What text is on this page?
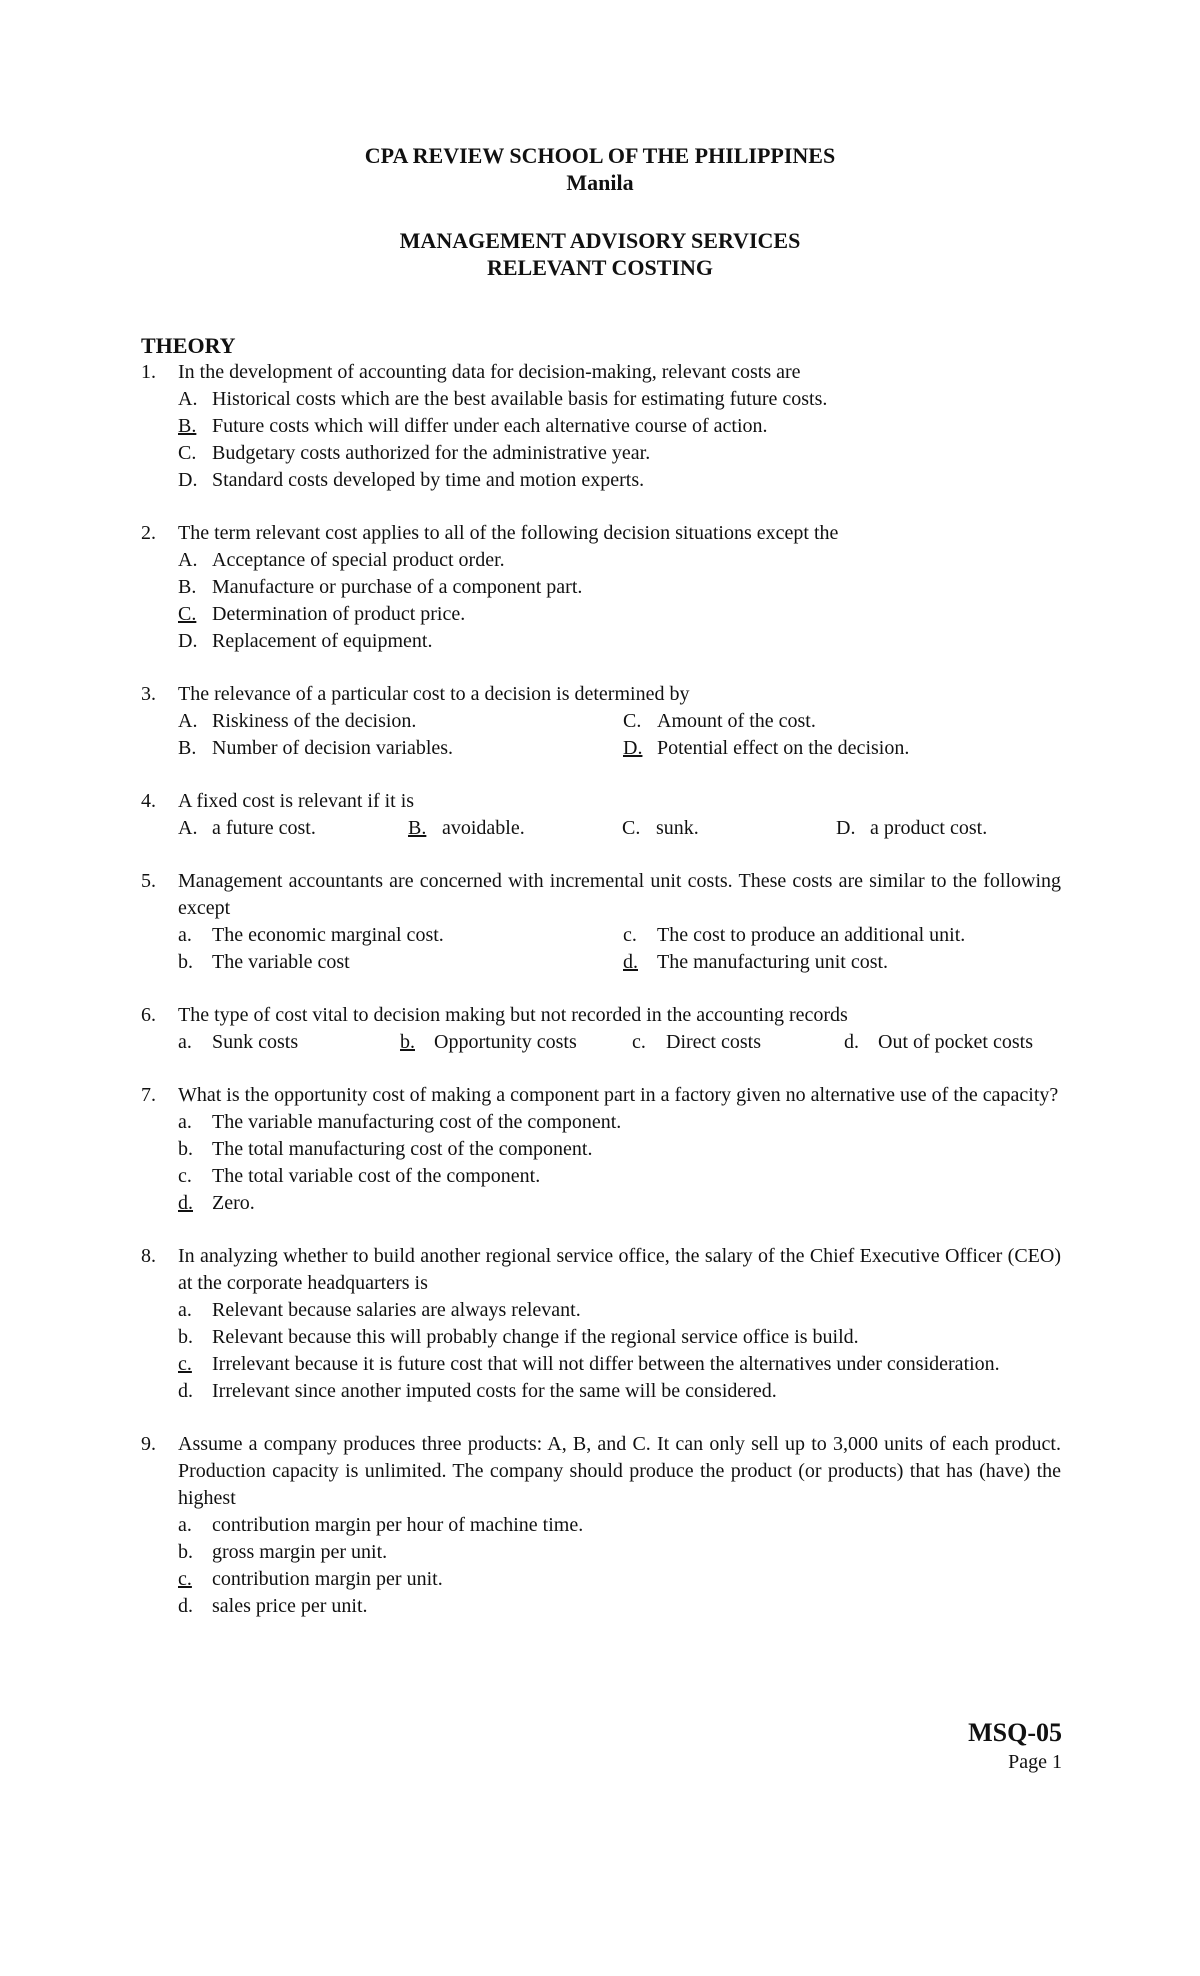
CPA REVIEW SCHOOL OF THE PHILIPPINES
Manila
MANAGEMENT ADVISORY SERVICES
RELEVANT COSTING
THEORY
1.	In the development of accounting data for decision-making, relevant costs are
A. Historical costs which are the best available basis for estimating future costs.
B. Future costs which will differ under each alternative course of action.
C. Budgetary costs authorized for the administrative year.
D. Standard costs developed by time and motion experts.
2.	The term relevant cost applies to all of the following decision situations except the
A. Acceptance of special product order.
B. Manufacture or purchase of a component part.
C. Determination of product price.
D. Replacement of equipment.
3.	The relevance of a particular cost to a decision is determined by
A. Riskiness of the decision.	C. Amount of the cost.
B. Number of decision variables.	D. Potential effect on the decision.
4.	A fixed cost is relevant if it is
A. a future cost.	B. avoidable.	C. sunk.	D. a product cost.
5.	Management accountants are concerned with incremental unit costs. These costs are similar to the following except
a.	The economic marginal cost.	c.	The cost to produce an additional unit.
b. The variable cost	d. The manufacturing unit cost.
6.	The type of cost vital to decision making but not recorded in the accounting records
a.	Sunk costs	b. Opportunity costs	c.	Direct costs	d. Out of pocket costs
7.	What is the opportunity cost of making a component part in a factory given no alternative use of the capacity?
a.	The variable manufacturing cost of the component.
b. The total manufacturing cost of the component.
c.	The total variable cost of the component.
d. Zero.
8.	In analyzing whether to build another regional service office, the salary of the Chief Executive Officer (CEO) at the corporate headquarters is
a.	Relevant because salaries are always relevant.
b. Relevant because this will probably change if the regional service office is build.
c.	Irrelevant because it is future cost that will not differ between the alternatives under consideration.
d. Irrelevant since another imputed costs for the same will be considered.
9.	Assume a company produces three products: A, B, and C. It can only sell up to 3,000 units of each product. Production capacity is unlimited. The company should produce the product (or products) that has (have) the highest
a.	contribution margin per hour of machine time.
b. gross margin per unit.
c.	contribution margin per unit.
d. sales price per unit.
MSQ-05
Page 1
